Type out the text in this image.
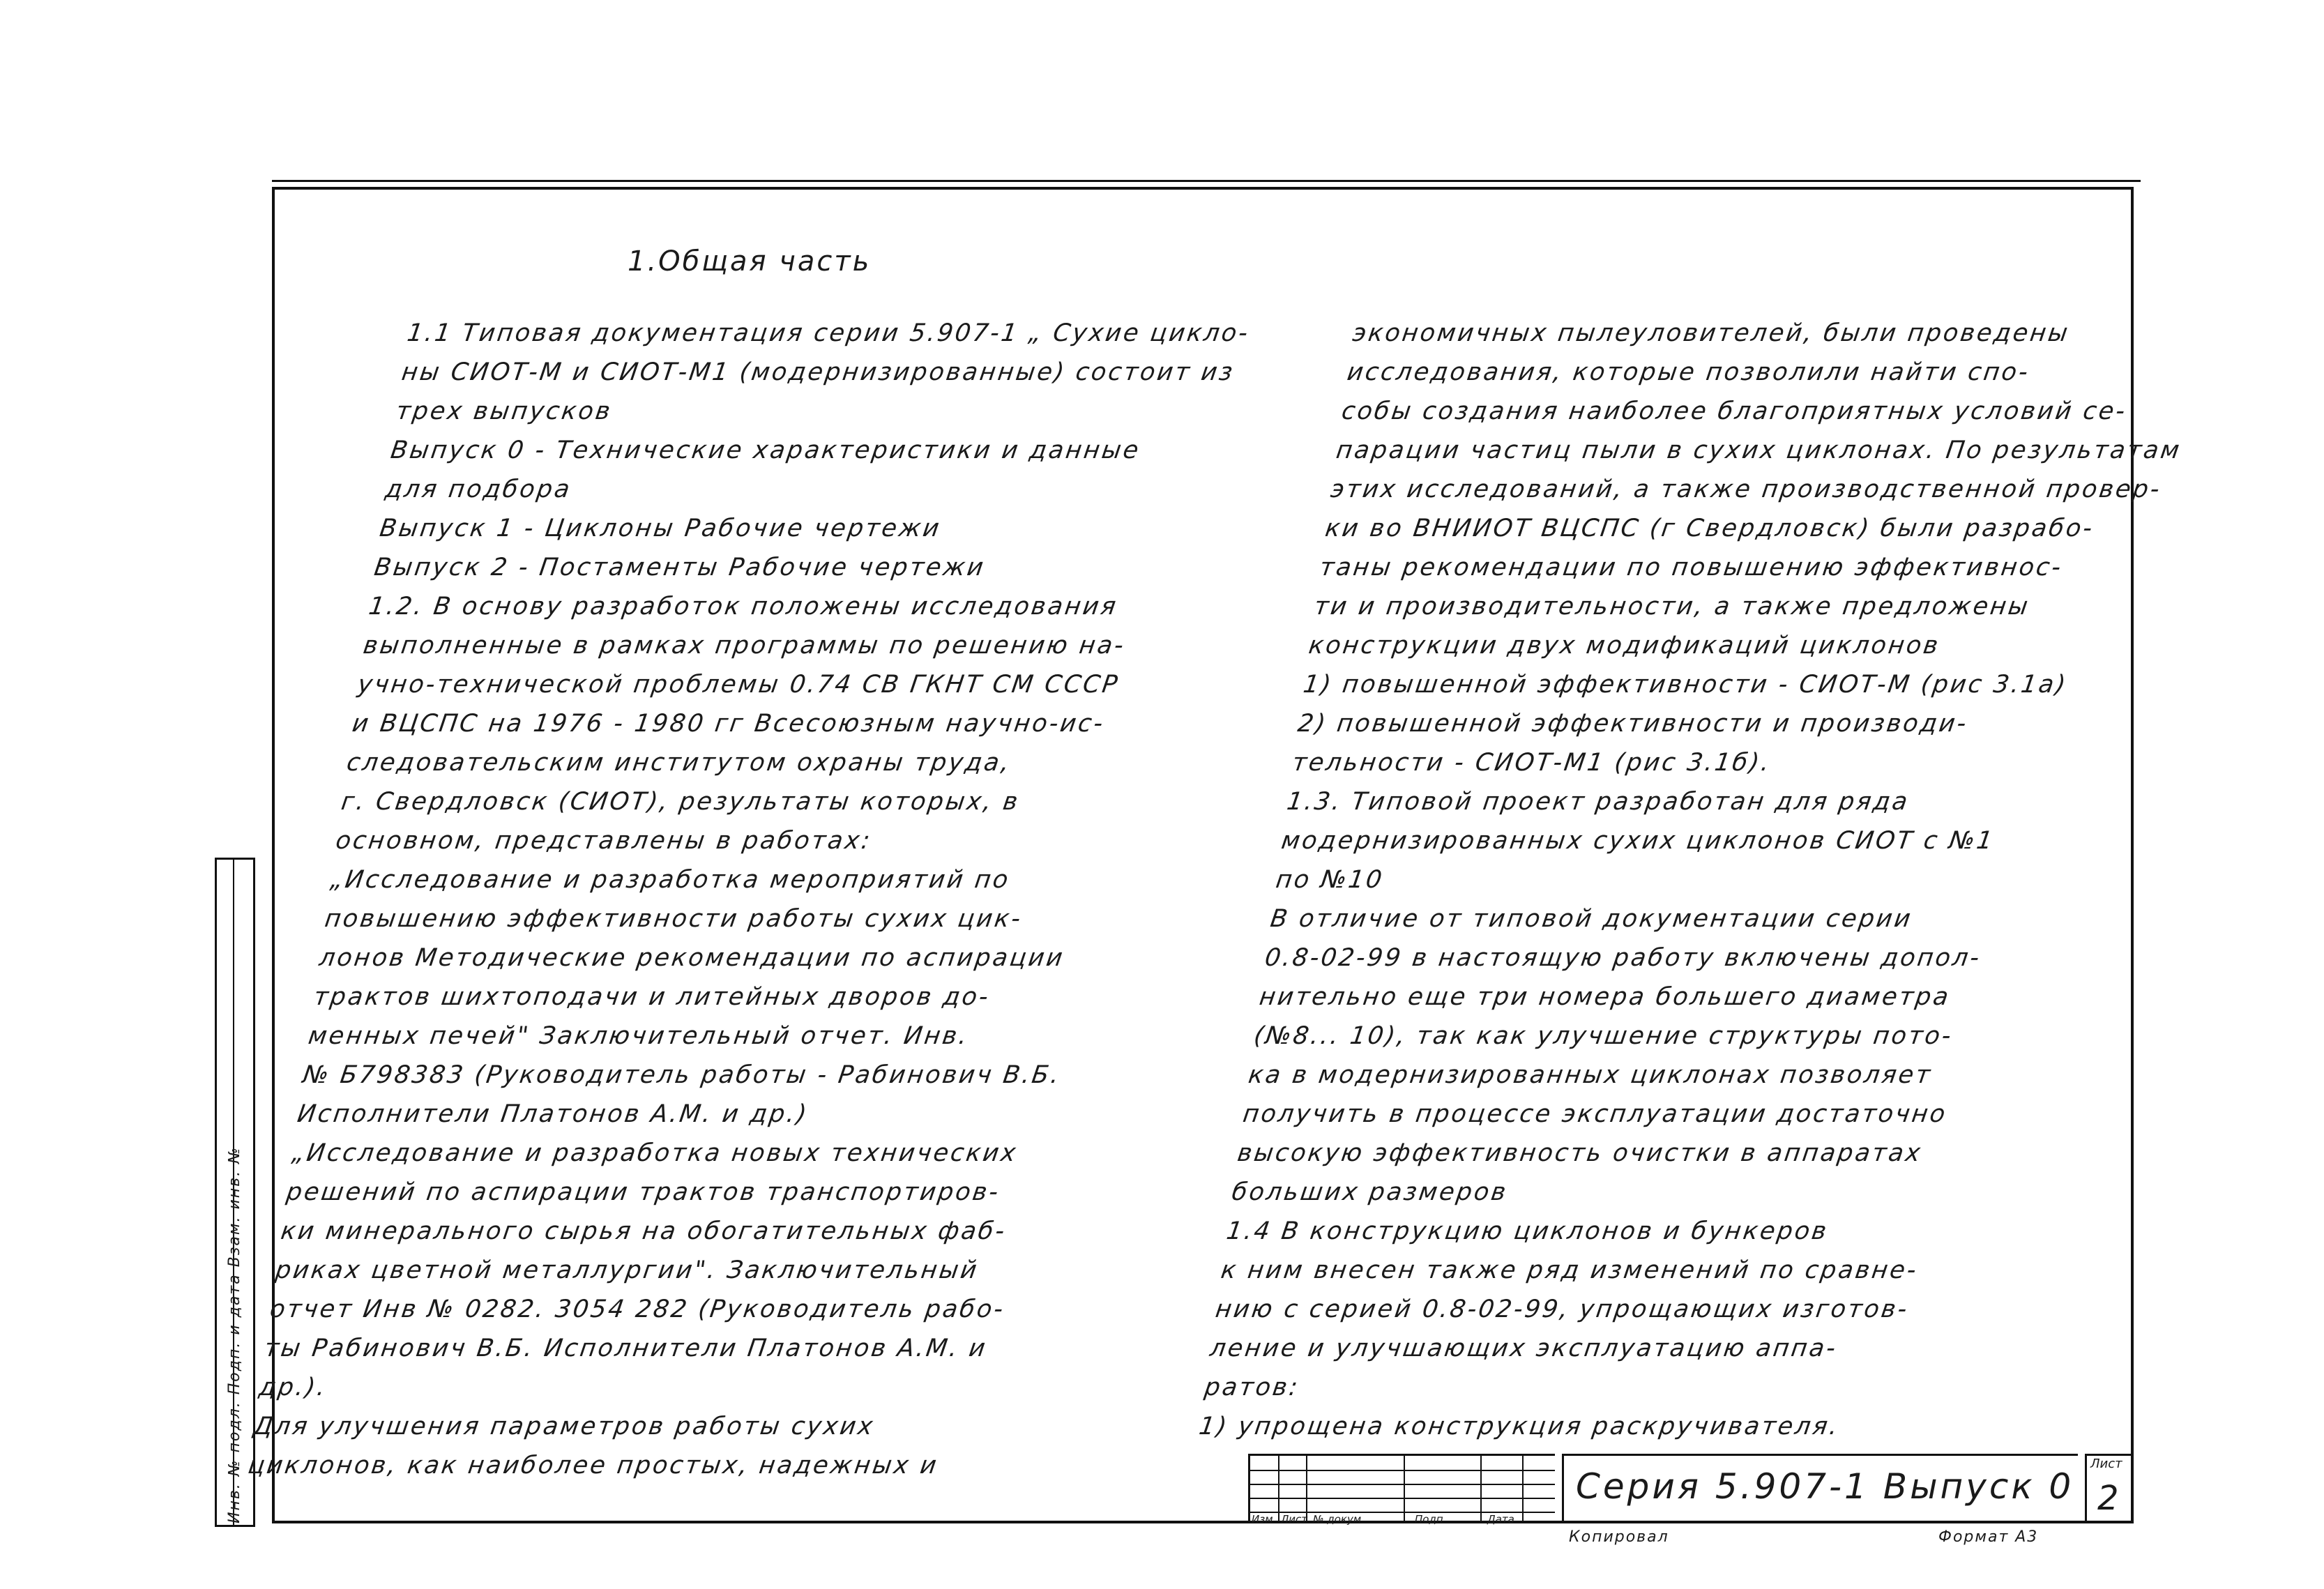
Инв. № подл. Подп. и дата Взам. инв. №
1.Общая часть
1.1 Типовая документация серии 5.907-1 „ Сухие цикло-
ны СИОТ-М и СИОТ-М1 (модернизированные) состоит из
трех выпусков
Выпуск 0 - Технические характеристики и данные
для подбора
Выпуск 1 - Циклоны Рабочие чертежи
Выпуск 2 - Постаменты Рабочие чертежи
1.2. В основу разработок положены исследования
выполненные в рамках программы по решению на-
учно-технической проблемы 0.74 СВ ГКНТ СМ СССР
и ВЦСПС на 1976 - 1980 гг Всесоюзным научно-ис-
следовательским институтом охраны труда,
г. Свердловск (СИОТ), результаты которых, в
основном, представлены в работах:
„Исследование и разработка мероприятий по
повышению эффективности работы сухих цик-
лонов Методические рекомендации по аспирации
трактов шихтоподачи и литейных дворов до-
менных печей" Заключительный отчет. Инв.
№ Б798383 (Руководитель работы - Рабинович В.Б.
Исполнители Платонов А.М. и др.)
„Исследование и разработка новых технических
решений по аспирации трактов транспортиров-
ки минерального сырья на обогатительных фаб-
риках цветной металлургии". Заключительный
отчет Инв № 0282. 3054 282 (Руководитель рабо-
ты Рабинович В.Б. Исполнители Платонов А.М. и
др.).
Для улучшения параметров работы сухих
циклонов, как наиболее простых, надежных и
экономичных пылеуловителей, были проведены
исследования, которые позволили найти спо-
собы создания наиболее благоприятных условий се-
парации частиц пыли в сухих циклонах. По результатам
этих исследований, а также производственной провер-
ки во ВНИИОТ ВЦСПС (г Свердловск) были разрабо-
таны рекомендации по повышению эффективнос-
ти и производительности, а также предложены
конструкции двух модификаций циклонов
1) повышенной эффективности - СИОТ-М (рис 3.1а)
2) повышенной эффективности и производи-
тельности - СИОТ-М1 (рис 3.1б).
1.3. Типовой проект разработан для ряда
модернизированных сухих циклонов СИОТ с №1
по №10
В отличие от типовой документации серии
0.8-02-99 в настоящую работу включены допол-
нительно еще три номера большего диаметра
(№8... 10), так как улучшение структуры пото-
ка в модернизированных циклонах позволяет
получить в процессе эксплуатации достаточно
высокую эффективность очистки в аппаратах
больших размеров
1.4 В конструкцию циклонов и бункеров
к ним внесен также ряд изменений по сравне-
нию с серией 0.8-02-99, упрощающих изготов-
ление и улучшающих эксплуатацию аппа-
ратов:
1) упрощена конструкция раскручивателя.
Изм Лист № докум	Подп	Дата
Серия 5.907-1 Выпуск 0
Лист
2
Копировал	Формат А3
